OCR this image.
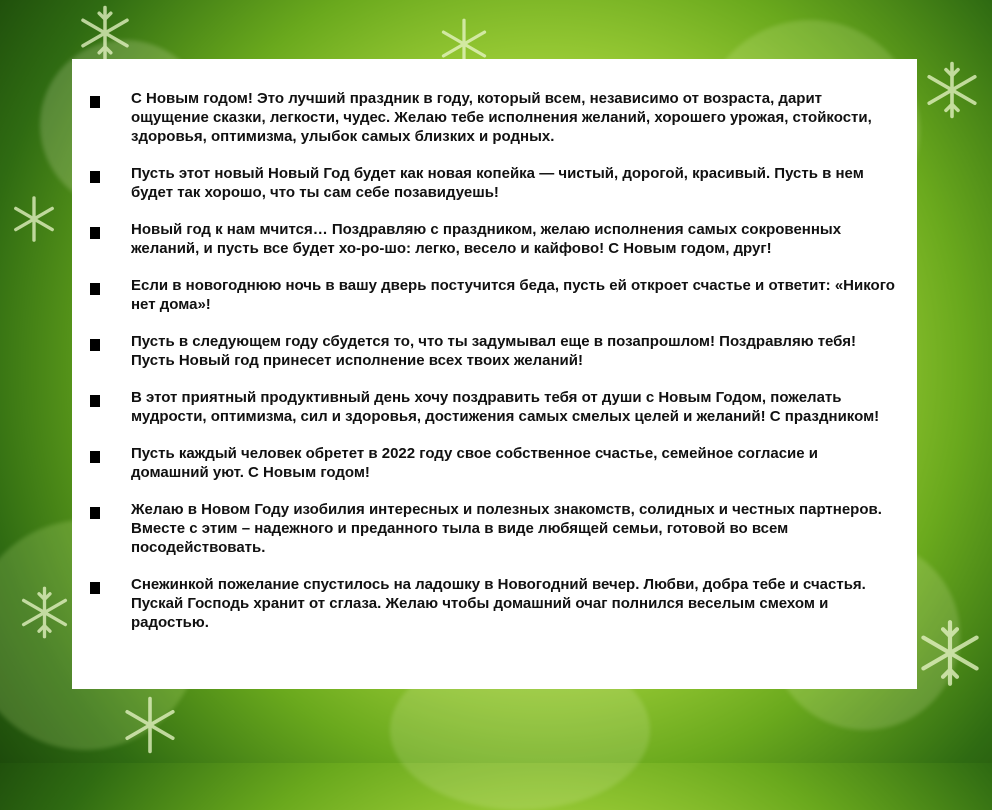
С Новым годом! Это лучший праздник в году, который всем, независимо от возраста, дарит ощущение сказки, легкости, чудес. Желаю тебе исполнения желаний, хорошего урожая, стойкости, здоровья, оптимизма, улыбок самых близких и родных.

Пусть этот новый Новый Год будет как новая копейка — чистый, дорогой, красивый. Пусть в нем будет так хорошо, что ты сам себе позавидуешь!

Новый год к нам мчится… Поздравляю с праздником, желаю исполнения самых сокровенных желаний, и пусть все будет хо-ро-шо: легко, весело и кайфово! С Новым годом, друг!

Если в новогоднюю ночь в вашу дверь постучится беда, пусть ей откроет счастье и ответит: «Никого нет дома»!

Пусть в следующем году сбудется то, что ты задумывал еще в позапрошлом! Поздравляю тебя! Пусть Новый год принесет исполнение всех твоих желаний!

В этот приятный продуктивный день хочу поздравить тебя от души с Новым Годом, пожелать мудрости, оптимизма, сил и здоровья, достижения самых смелых целей и желаний! С праздником!

Пусть каждый человек обретет в 2022 году свое собственное счастье, семейное согласие и домашний уют. С Новым годом!

Желаю в Новом Году изобилия интересных и полезных знакомств, солидных и честных партнеров. Вместе с этим – надежного и преданного тыла в виде любящей семьи, готовой во всем посодействовать.

Снежинкой пожелание спустилось на ладошку в Новогодний вечер. Любви, добра тебе и счастья. Пускай Господь хранит от сглаза. Желаю чтобы домашний очаг полнился веселым смехом и радостью.
